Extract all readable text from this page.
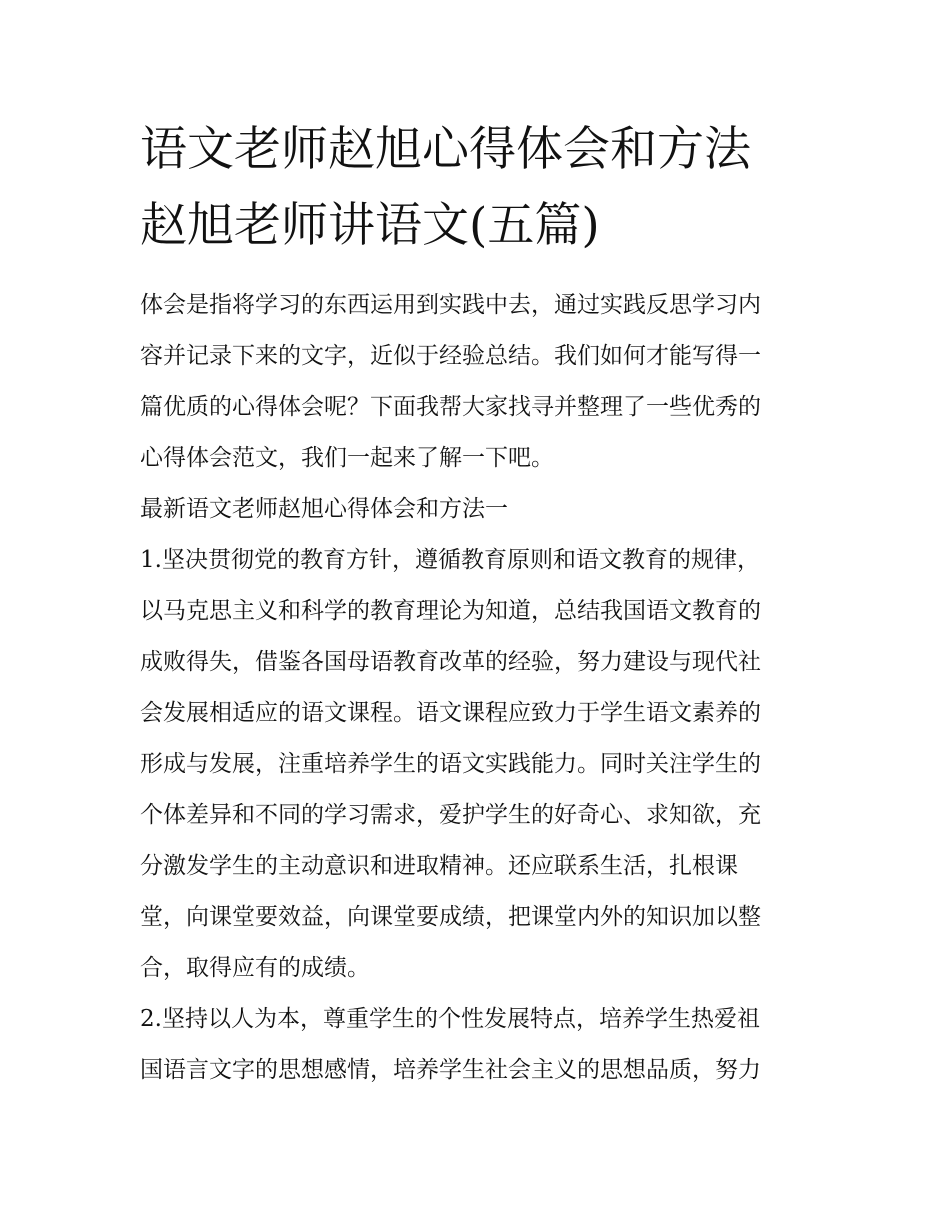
语文老师赵旭心得体会和方法
赵旭老师讲语文(五篇)
体会是指将学习的东西运用到实践中去，通过实践反思学习内
容并记录下来的文字，近似于经验总结。我们如何才能写得一
篇优质的心得体会呢？下面我帮大家找寻并整理了一些优秀的
心得体会范文，我们一起来了解一下吧。
最新语文老师赵旭心得体会和方法一
1.坚决贯彻党的教育方针，遵循教育原则和语文教育的规律，
以马克思主义和科学的教育理论为知道，总结我国语文教育的
成败得失，借鉴各国母语教育改革的经验，努力建设与现代社
会发展相适应的语文课程。语文课程应致力于学生语文素养的
形成与发展，注重培养学生的语文实践能力。同时关注学生的
个体差异和不同的学习需求，爱护学生的好奇心、求知欲，充
分激发学生的主动意识和进取精神。还应联系生活，扎根课
堂，向课堂要效益，向课堂要成绩，把课堂内外的知识加以整
合，取得应有的成绩。
2.坚持以人为本，尊重学生的个性发展特点，培养学生热爱祖
国语言文字的思想感情，培养学生社会主义的思想品质，努力
